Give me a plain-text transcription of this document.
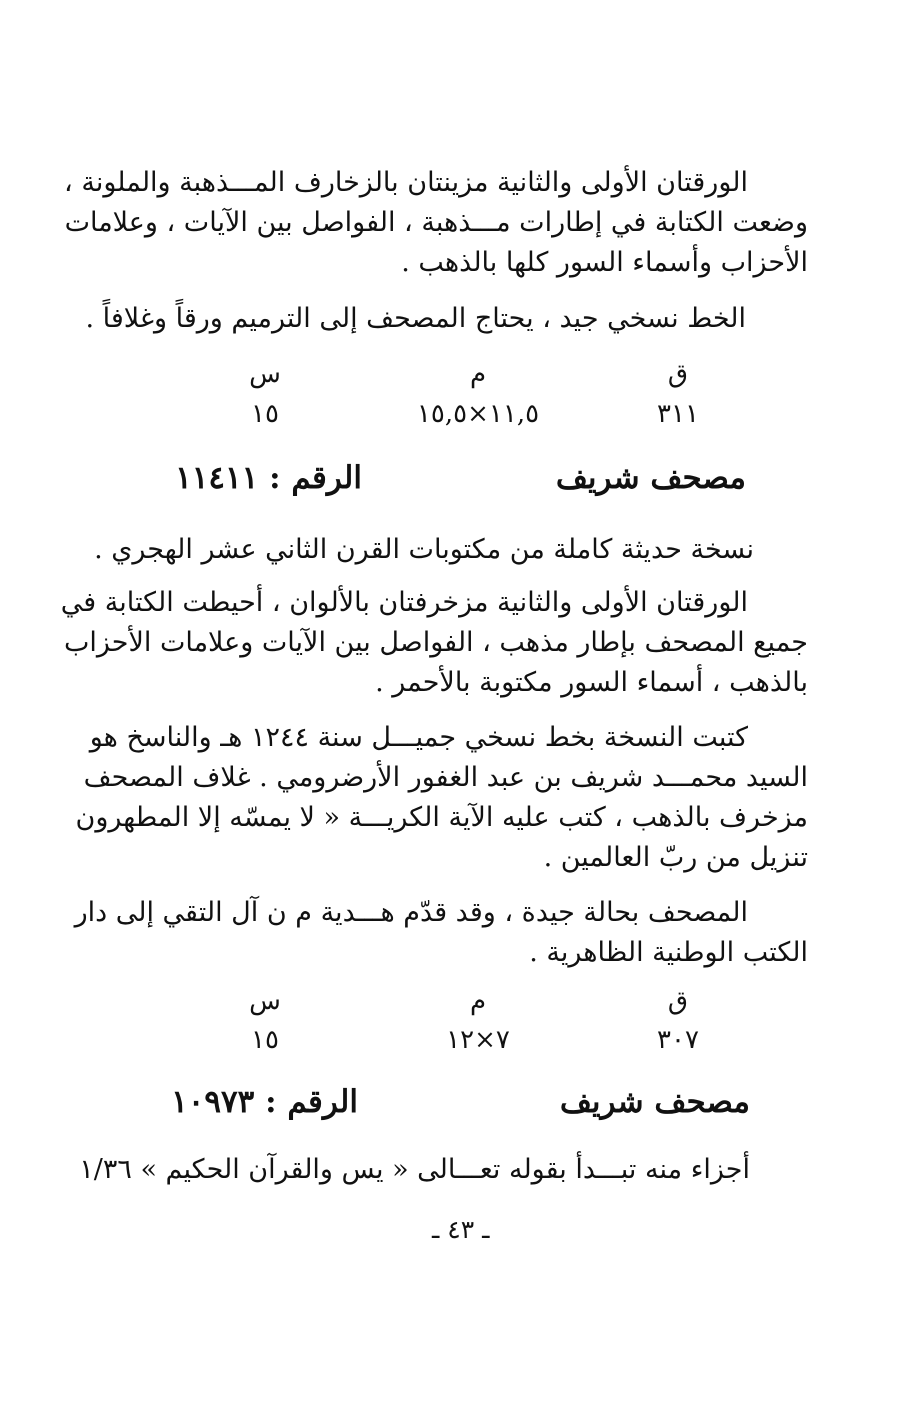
الورقتان الأولى والثانية مزينتان بالزخارف المـــذهبة والملونة ،
وضعت الكتابة في إطارات مـــذهبة ، الفواصل بين الآيات ، وعلامات
الأحزاب وأسماء السور كلها بالذهب .
الخط نسخي جيد ، يحتاج المصحف إلى الترميم ورقاً وغلافاً .
ق
م
س
٣١١
١١,٥×١٥,٥
١٥
مصحف شريف
الرقم : ١١٤١١
نسخة حديثة كاملة من مكتوبات القرن الثاني عشر الهجري .
الورقتان الأولى والثانية مزخرفتان بالألوان ، أحيطت الكتابة في
جميع المصحف بإطار مذهب ، الفواصل بين الآيات وعلامات الأحزاب
بالذهب ، أسماء السور مكتوبة بالأحمر .
كتبت النسخة بخط نسخي جميـــل سنة ١٢٤٤ هـ والناسخ هو
السيد محمـــد شريف بن عبد الغفور الأرضرومي . غلاف المصحف
مزخرف بالذهب ، كتب عليه الآية الكريـــة « لا يمسّه إلا المطهرون
تنزيل من ربّ العالمين .
المصحف بحالة جيدة ، وقد قدّم هـــدية م ن آل التقي إلى دار
الكتب الوطنية الظاهرية .
ق
م
س
٣٠٧
٧×١٢
١٥
مصحف شريف
الرقم : ١٠٩٧٣
أجزاء منه تبـــدأ بقوله تعـــالى « يس والقرآن الحكيم » ١/٣٦
ـ ٤٣ ـ
